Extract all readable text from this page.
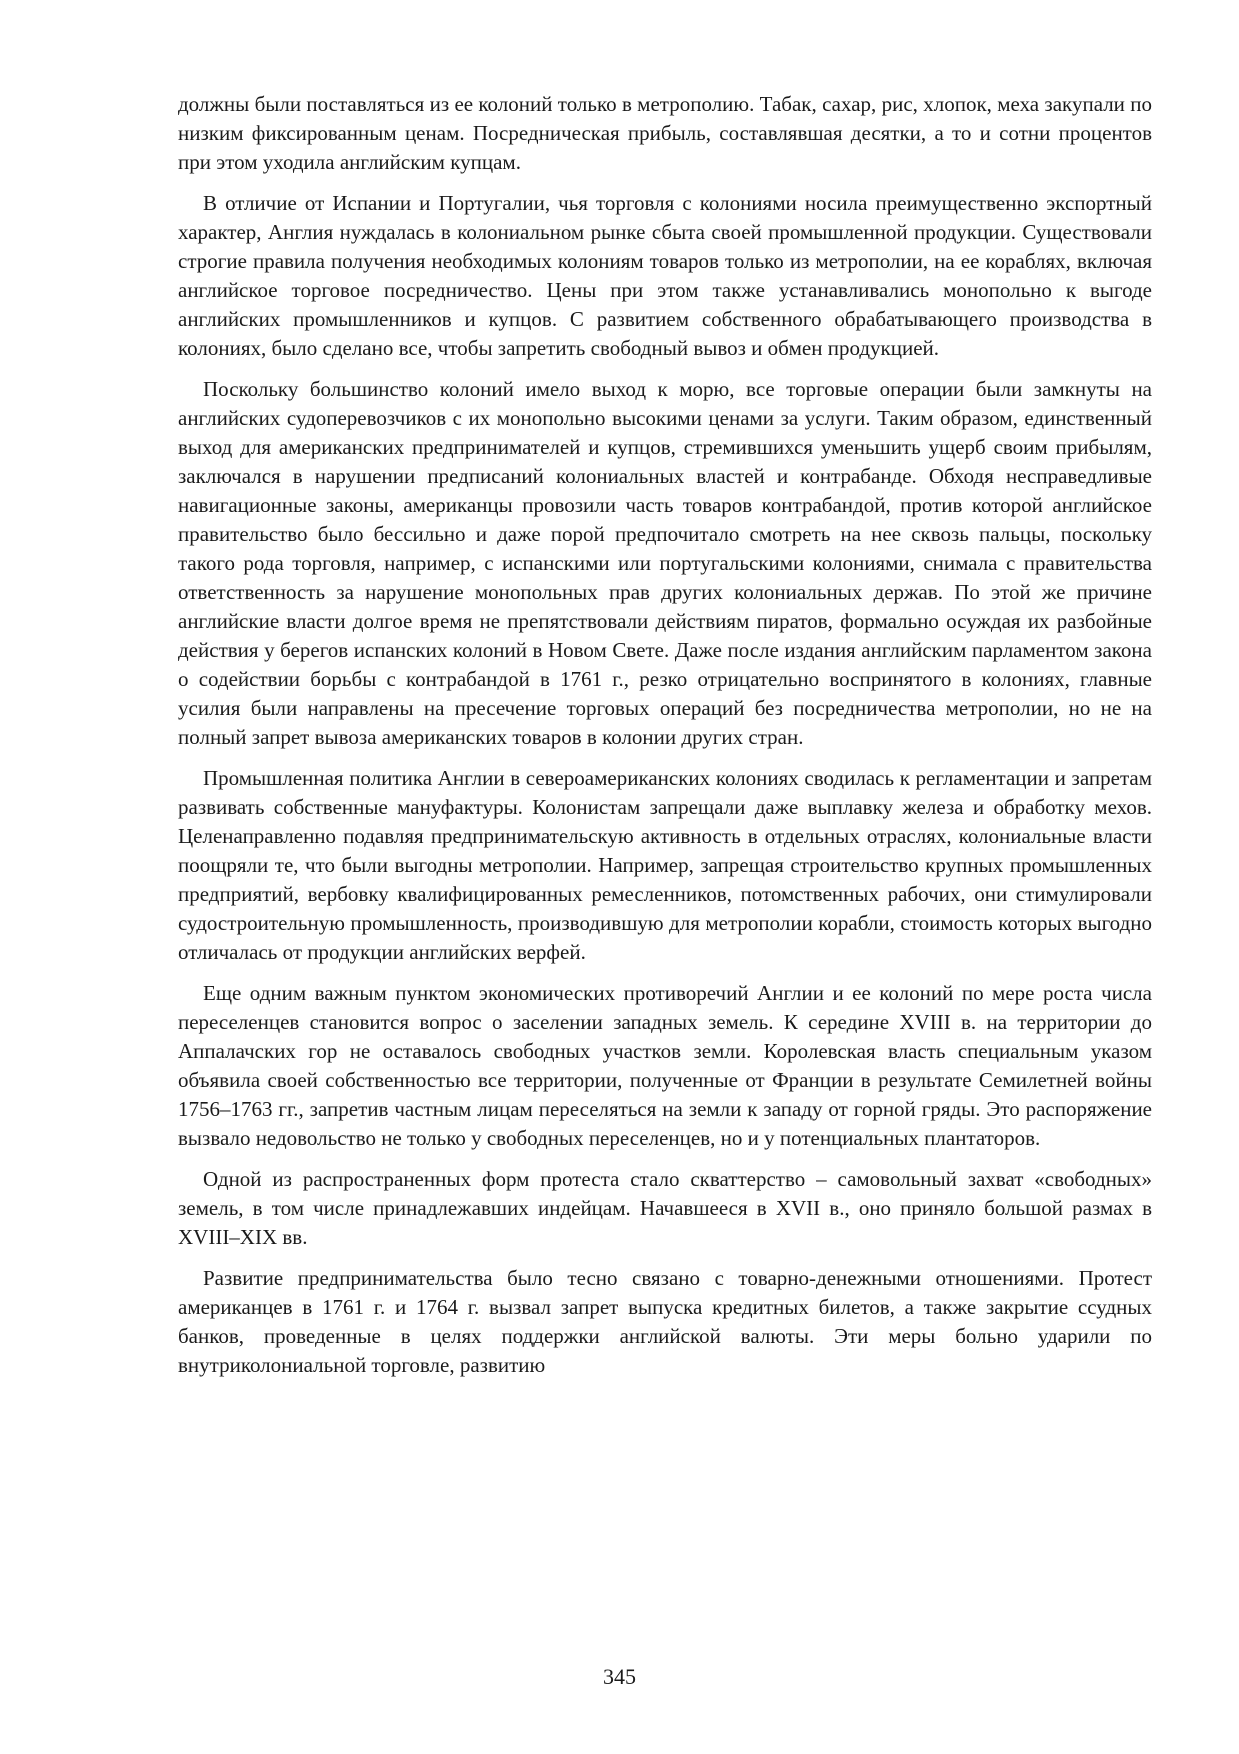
должны были поставляться из ее колоний только в метрополию. Табак, сахар, рис, хлопок, меха закупали по низким фиксированным ценам. Посредническая прибыль, составлявшая десятки, а то и сотни процентов при этом уходила английским купцам.

В отличие от Испании и Португалии, чья торговля с колониями носила преимущественно экспортный характер, Англия нуждалась в колониальном рынке сбыта своей промышленной продукции. Существовали строгие правила получения необходимых колониям товаров только из метрополии, на ее кораблях, включая английское торговое посредничество. Цены при этом также устанавливались монопольно к выгоде английских промышленников и купцов. С развитием собственного обрабатывающего производства в колониях, было сделано все, чтобы запретить свободный вывоз и обмен продукцией.

Поскольку большинство колоний имело выход к морю, все торговые операции были замкнуты на английских судоперевозчиков с их монопольно высокими ценами за услуги. Таким образом, единственный выход для американских предпринимателей и купцов, стремившихся уменьшить ущерб своим прибылям, заключался в нарушении предписаний колониальных властей и контрабанде. Обходя несправедливые навигационные законы, американцы провозили часть товаров контрабандой, против которой английское правительство было бессильно и даже порой предпочитало смотреть на нее сквозь пальцы, поскольку такого рода торговля, например, с испанскими или португальскими колониями, снимала с правительства ответственность за нарушение монопольных прав других колониальных держав. По этой же причине английские власти долгое время не препятствовали действиям пиратов, формально осуждая их разбойные действия у берегов испанских колоний в Новом Свете. Даже после издания английским парламентом закона о содействии борьбы с контрабандой в 1761 г., резко отрицательно воспринятого в колониях, главные усилия были направлены на пресечение торговых операций без посредничества метрополии, но не на полный запрет вывоза американских товаров в колонии других стран.

Промышленная политика Англии в североамериканских колониях сводилась к регламентации и запретам развивать собственные мануфактуры. Колонистам запрещали даже выплавку железа и обработку мехов. Целенаправленно подавляя предпринимательскую активность в отдельных отраслях, колониальные власти поощряли те, что были выгодны метрополии. Например, запрещая строительство крупных промышленных предприятий, вербовку квалифицированных ремесленников, потомственных рабочих, они стимулировали судостроительную промышленность, производившую для метрополии корабли, стоимость которых выгодно отличалась от продукции английских верфей.

Еще одним важным пунктом экономических противоречий Англии и ее колоний по мере роста числа переселенцев становится вопрос о заселении западных земель. К середине XVIII в. на территории до Аппалачских гор не оставалось свободных участков земли. Королевская власть специальным указом объявила своей собственностью все территории, полученные от Франции в результате Семилетней войны 1756–1763 гг., запретив частным лицам переселяться на земли к западу от горной гряды. Это распоряжение вызвало недовольство не только у свободных переселенцев, но и у потенциальных плантаторов.

Одной из распространенных форм протеста стало скваттерство – самовольный захват «свободных» земель, в том числе принадлежавших индейцам. Начавшееся в XVII в., оно приняло большой размах в XVIII–XIX вв.

Развитие предпринимательства было тесно связано с товарно-денежными отношениями. Протест американцев в 1761 г. и 1764 г. вызвал запрет выпуска кредитных билетов, а также закрытие ссудных банков, проведенные в целях поддержки английской валюты. Эти меры больно ударили по внутриколониальной торговле, развитию

345
